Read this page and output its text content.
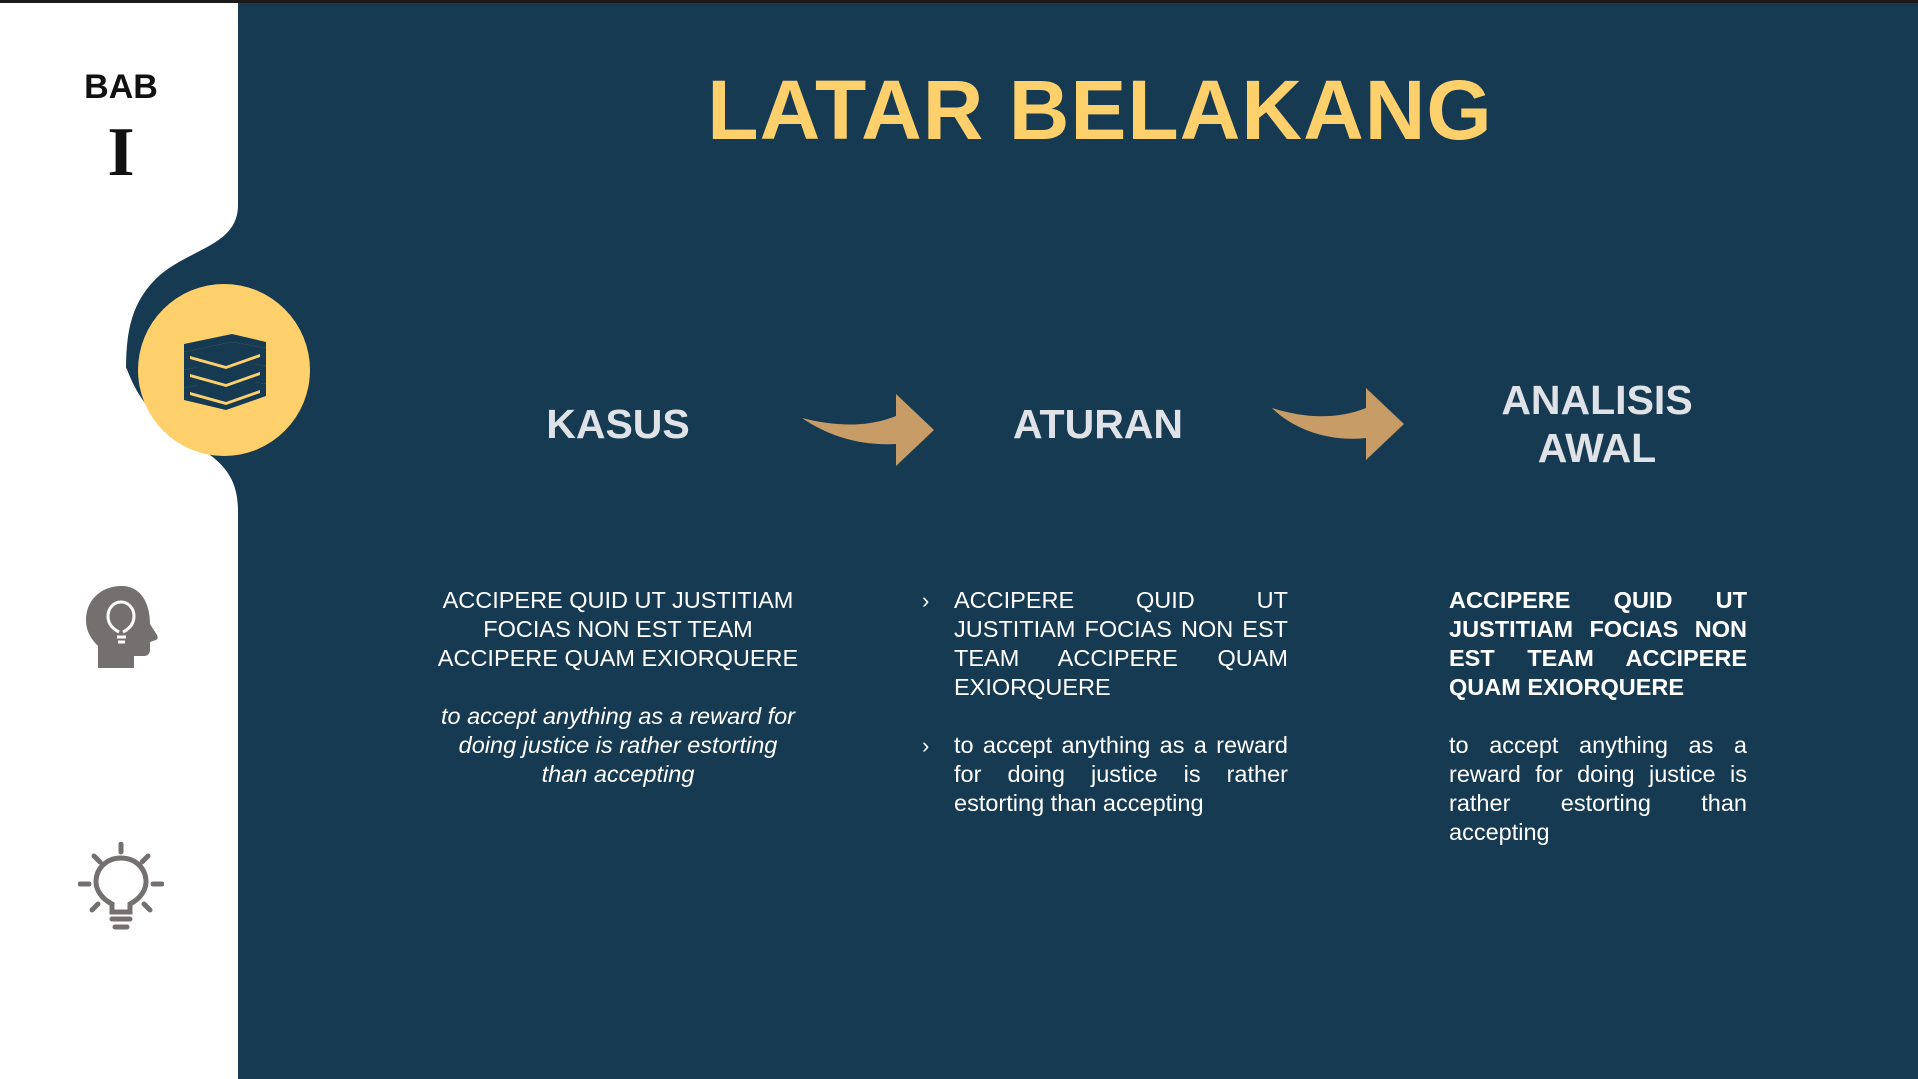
BAB
I	LATAR BELAKANG
KASUS	ATURAN
ANALISIS
AWAL

ACCIPERE QUID UT JUSTITIAM FOCIAS NON EST TEAM ACCIPERE QUAM EXIORQUERE

to accept anything as a reward for doing justice is rather estorting than accepting

› ACCIPERE QUID UT JUSTITIAM FOCIAS NON EST TEAM ACCIPERE QUAM EXIORQUERE

› to accept anything as a reward for doing justice is rather estorting than accepting

ACCIPERE QUID UT JUSTITIAM FOCIAS NON EST TEAM ACCIPERE QUAM EXIORQUERE

to accept anything as a reward for doing justice is rather estorting than accepting
